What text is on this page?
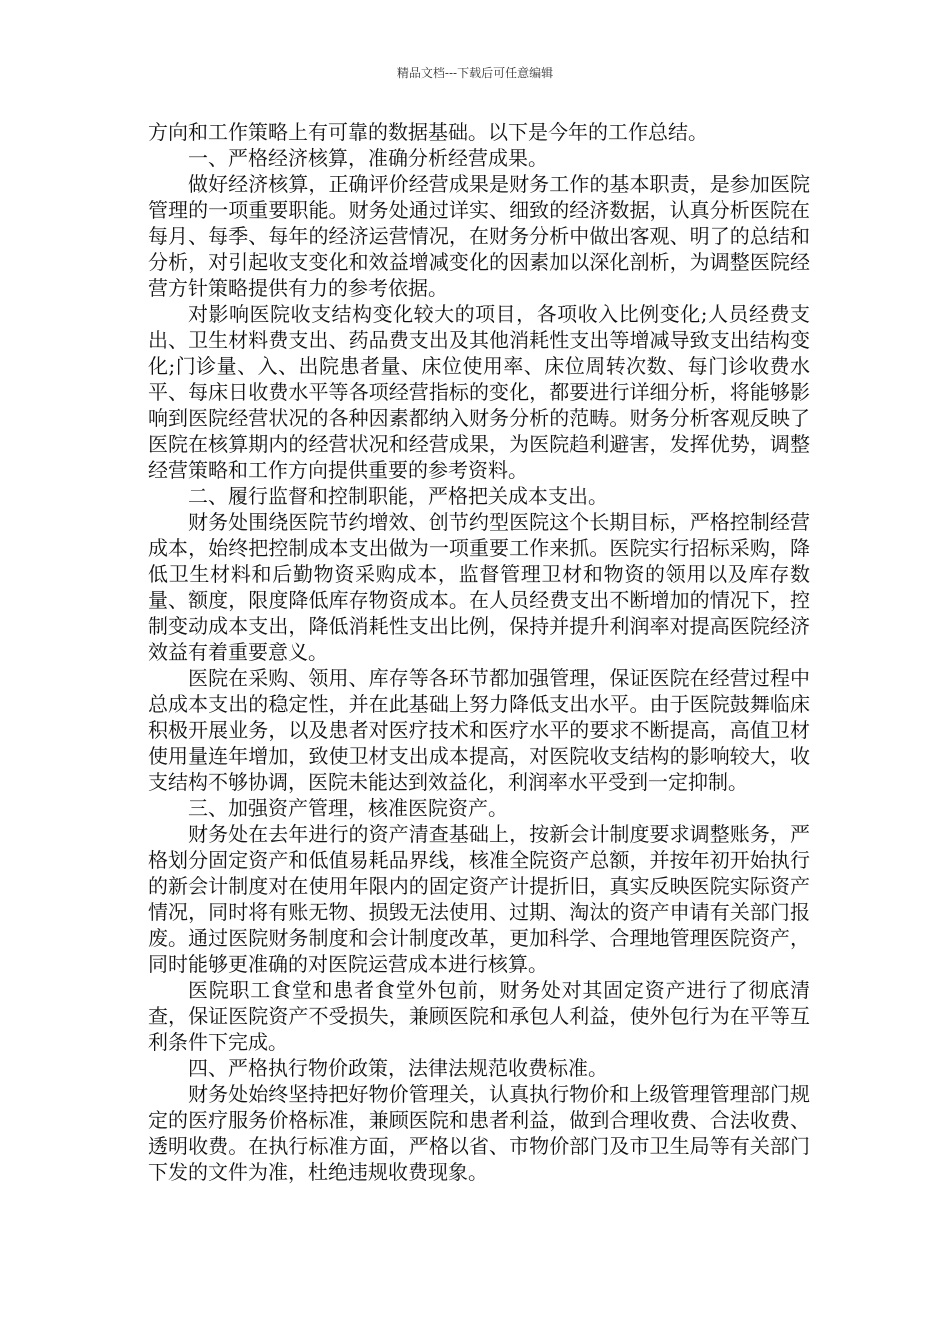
精品文档---下载后可任意编辑

方向和工作策略上有可靠的数据基础。以下是今年的工作总结。

一、严格经济核算，准确分析经营成果。

做好经济核算，正确评价经营成果是财务工作的基本职责，是参加医院管理的一项重要职能。财务处通过详实、细致的经济数据，认真分析医院在每月、每季、每年的经济运营情况，在财务分析中做出客观、明了的总结和分析，对引起收支变化和效益增减变化的因素加以深化剖析，为调整医院经营方针策略提供有力的参考依据。

对影响医院收支结构变化较大的项目，各项收入比例变化;人员经费支出、卫生材料费支出、药品费支出及其他消耗性支出等增减导致支出结构变化;门诊量、入、出院患者量、床位使用率、床位周转次数、每门诊收费水平、每床日收费水平等各项经营指标的变化，都要进行详细分析，将能够影响到医院经营状况的各种因素都纳入财务分析的范畴。财务分析客观反映了医院在核算期内的经营状况和经营成果，为医院趋利避害，发挥优势，调整经营策略和工作方向提供重要的参考资料。

二、履行监督和控制职能，严格把关成本支出。

财务处围绕医院节约增效、创节约型医院这个长期目标，严格控制经营成本，始终把控制成本支出做为一项重要工作来抓。医院实行招标采购，降低卫生材料和后勤物资采购成本，监督管理卫材和物资的领用以及库存数量、额度，限度降低库存物资成本。在人员经费支出不断增加的情况下，控制变动成本支出，降低消耗性支出比例，保持并提升利润率对提高医院经济效益有着重要意义。

医院在采购、领用、库存等各环节都加强管理，保证医院在经营过程中总成本支出的稳定性，并在此基础上努力降低支出水平。由于医院鼓舞临床积极开展业务，以及患者对医疗技术和医疗水平的要求不断提高，高值卫材使用量连年增加，致使卫材支出成本提高，对医院收支结构的影响较大，收支结构不够协调，医院未能达到效益化，利润率水平受到一定抑制。

三、加强资产管理，核准医院资产。

财务处在去年进行的资产清查基础上，按新会计制度要求调整账务，严格划分固定资产和低值易耗品界线，核准全院资产总额，并按年初开始执行的新会计制度对在使用年限内的固定资产计提折旧，真实反映医院实际资产情况，同时将有账无物、损毁无法使用、过期、淘汰的资产申请有关部门报废。通过医院财务制度和会计制度改革，更加科学、合理地管理医院资产，同时能够更准确的对医院运营成本进行核算。

医院职工食堂和患者食堂外包前，财务处对其固定资产进行了彻底清查，保证医院资产不受损失，兼顾医院和承包人利益，使外包行为在平等互利条件下完成。

四、严格执行物价政策，法律法规范收费标准。

财务处始终坚持把好物价管理关，认真执行物价和上级管理管理部门规定的医疗服务价格标准，兼顾医院和患者利益，做到合理收费、合法收费、透明收费。在执行标准方面，严格以省、市物价部门及市卫生局等有关部门下发的文件为准，杜绝违规收费现象。
